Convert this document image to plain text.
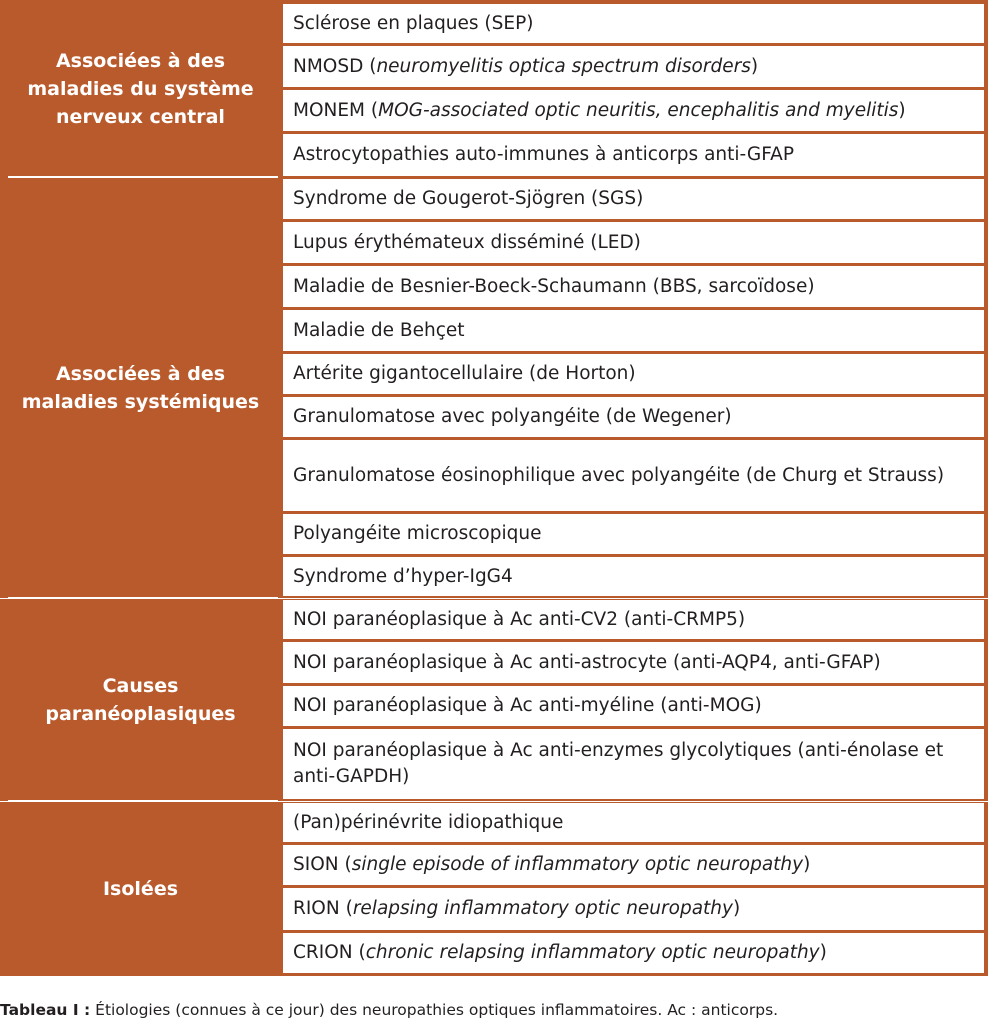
Associées à des
maladies du système
nerveux central
Sclérose en plaques (SEP)
NMOSD ( neuromyelitis optica spectrum disorders )
MONEM ( MOG-associated optic neuritis, encephalitis and myelitis )
Astrocytopathies auto-immunes à anticorps anti-GFAP
Associées à des
maladies systémiques
Syndrome de Gougerot-Sjögren (SGS)
Lupus érythémateux disséminé (LED)
Maladie de Besnier-Boeck-Schaumann (BBS, sarcoïdose)
Maladie de Behçet
Artérite gigantocellulaire (de Horton)
Granulomatose avec polyangéite (de Wegener)
Granulomatose éosinophilique avec polyangéite (de Churg et Strauss)
Polyangéite microscopique
Syndrome d’hyper-IgG4
Causes
paranéoplasiques
NOI paranéoplasique à Ac anti-CV2 (anti-CRMP5)
NOI paranéoplasique à Ac anti-astrocyte (anti-AQP4, anti-GFAP)
NOI paranéoplasique à Ac anti-myéline (anti-MOG)
NOI paranéoplasique à Ac anti-enzymes glycolytiques (anti-énolase et anti-GAPDH)
Isolées
(Pan)périnévrite idiopathique
SION ( single episode of inflammatory optic neuropathy )
RION ( relapsing inflammatory optic neuropathy )
CRION ( chronic relapsing inflammatory optic neuropathy )
Tableau I : Étiologies (connues à ce jour) des neuropathies optiques inflammatoires. Ac : anticorps.
